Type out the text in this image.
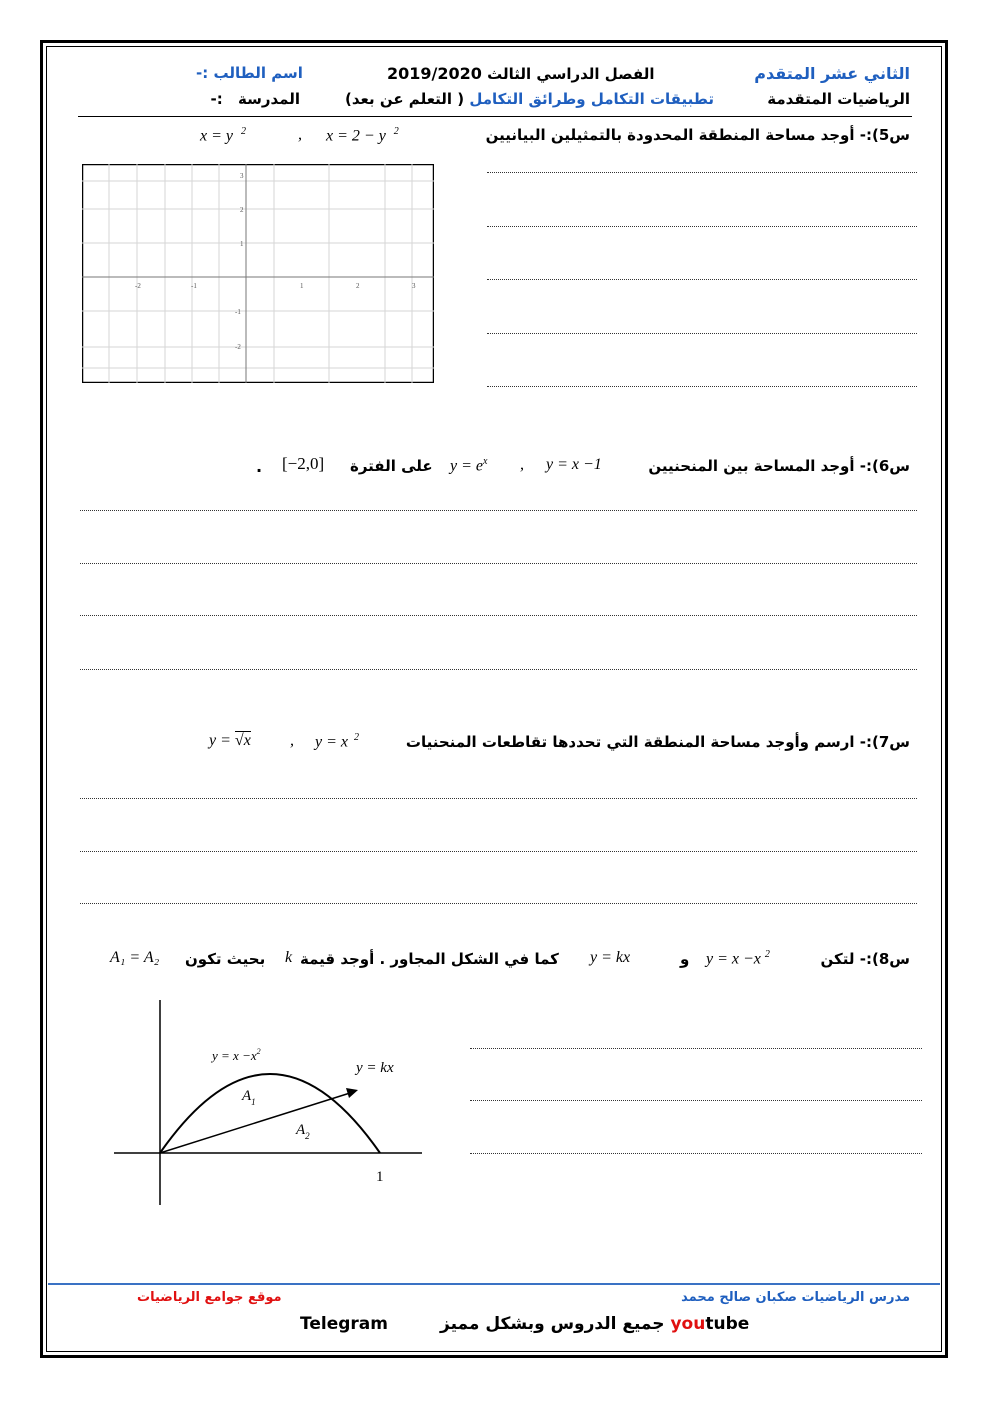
الثاني عشر المتقدم
الفصل الدراسي الثالث 2019/2020
اسم الطالب :-
الرياضيات المتقدمة
تطبيقات التكامل وطرائق التكامل ( التعلم عن بعد)
المدرسة :-
س5):- أوجد مساحة المنطقة المحدودة بالتمثيلين البيانيين
x = 2 − y $^2$
,
x = y $^2$
-2	-1	1	2	3
3
2
1
-1
-2
س6):- أوجد المساحة بين المنحنيين
y = x −1
,
$y = e^x$
على الفترة
[−2,0]
.
س7):- ارسم وأوجد مساحة المنطقة التي تحددها تقاطعات المنحنيات
y = x $^2$
,
y = √x
س8):- لتكن
y = x −x $^2$
و
y = kx
كما في الشكل المجاور . أوجد قيمة
k
بحيث تكون
A₁ = A₂
$y = x -x^2$
y = kx
$A_1$
$A_2$
1
مدرس الرياضيات صكبان صالح محمد
موقع جوامع الرياضيات
جميع الدروس وبشكل مميز youtube
Telegram
